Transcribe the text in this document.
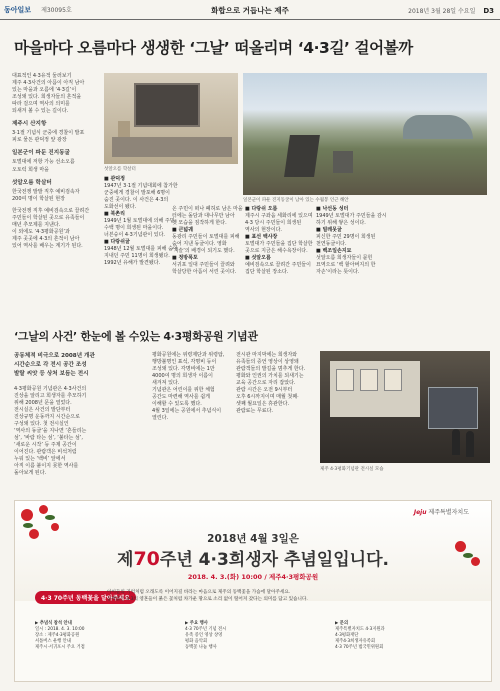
동아일보 제30095호	화합으로 거듭나는 제주	2018년 3월 28일 수요일 D3
마을마다 오름마다 생생한 ‘그날’ 떠올리며 ‘4·3길’ 걸어볼까
대표적인 4·3유적 둘러보기
제주 4·3사건의 아픔이 아직 남아
있는 마을과 오름에 ‘4·3길’이
조성돼 있다. 희생자들의 흔적을
따라 걸으며 역사의 의미를
되새겨 볼 수 있는 길이다.
제주시 산지항
3·1절 기념식 군중에 경찰이 발포
피로 물든 관덕정 앞 광장
일본군이 파둔 진지동굴
토벌대에 저항 가능 선소오름
오토럭 희생 마을
섯알오름 학살터
한국전쟁 발발 직후 예비검속자
200여 명이 학살된 현장
한국전쟁 직후 예비검속으로 끌려간
주민들이 학살된 곳으로 유족들이
매년 추모제를 지낸다.
이 외에도 ‘4·3평화공원’과
제주 곳곳에 4·3의 흔적이 남아
있어 역사를 배우는 계기가 된다.
섯알오름 학살터
일본군이 파둔 진지동굴이 남아 있는 수월봉 인근 해안
■ 관덕정
1947년 3·1절 기념대회에 참가한
군중에게 경찰이 발포해 6명이
숨진 곳이다. 이 사건은 4·3의
도화선이 됐다.
■ 북촌리
1949년 1월 토벌대에 의해 주민
수백 명이 희생된 마을이다.
너븐숭이 4·3기념관이 있다.
■ 다랑쉬굴
1948년 12월 토벌대를 피해 숨어
지내던 주민 11명이 희생됐다.
1992년 유해가 발견됐다.
온 주민이 떠나 폐허로 남은 마을
터에는 돌담과 대나무만 남아
옛 모습을 짐작하게 한다.
■ 큰넓궤
동광리 주민들이 토벌대를 피해
숨어 지낸 동굴이다. 영화
‘지슬’의 배경이 되기도 했다.
■ 정방폭포
서귀포 일대 주민들이 끌려와
학살당한 아픔이 서린 곳이다.
■ 다랑쉬 오름
제주시 구좌읍 세화리에 있으며
4·3 당시 주민들이 희생된
역사의 현장이다.
■ 표선 백사장
토벌대가 주민들을 집단 학살한
곳으로 지금은 해수욕장이다.
■ 섯알오름
예비검속으로 끌려간 주민들이
집단 학살된 장소다.
■ 낙선동 성터
1949년 토벌대가 주민들을 감시
하기 위해 쌓은 성이다.
■ 빌레못굴
피신한 주민 29명이 희생된
천연동굴이다.
■ 백조일손지묘
섯알오름 희생자들이 묻힌
묘역으로 ‘백 할아버지의 한
자손’이라는 뜻이다.
‘그날의 사건’ 한눈에 볼 수있는 4·3평화공원 기념관
공동체적 비극으로 2008년 개관
시간순으로 각 전시 공간 조성
발랄 씨앗 등 상처 보듬는 전시
4·3평화공원 기념관은 4·3사건의
진상을 알리고 희생자를 추모하기
위해 2008년 문을 열었다.
전시실은 사건의 발단부터
진상규명 운동까지 시간순으로
구성돼 있다. 첫 전시실인
‘역사의 동굴’을 지나면 ‘흔들리는
섬’, ‘바람 타는 섬’, ‘불타는 섬’,
‘새로운 시작’ 등 주제 공간이
이어진다. 관람객은 비석처럼
누워 있는 ‘백비’ 앞에서
아직 이름 붙이지 못한 역사를
돌아보게 된다.
평화공원에는 위령제단과 위령탑,
행방불명인 표석, 각명비 등이
조성돼 있다. 각명비에는 1만
4000여 명의 희생자 이름이
새겨져 있다.
기념관은 어린이를 위한 체험
공간도 마련해 역사를 쉽게
이해할 수 있도록 했다.
4월 3일에는 공원에서 추념식이
열린다.
전시관 마지막에는 희생자와
유족들의 증언 영상이 상영돼
관람객들의 발길을 멈추게 한다.
평화와 인권의 가치를 되새기는
교육 공간으로 자리 잡았다.
관람 시간은 오전 9시부터
오후 6시까지이며 매월 첫째·
셋째 월요일은 휴관한다.
관람료는 무료다.
제주 4·3평화기념관 전시실 모습
Jeju 제주특별자치도
2018년 4월 3일은
제70주년 4·3희생자 추념일입니다.
2018. 4. 3.(화) 10:00 / 제주4·3평화공원
4·3 70주년 동백꽃을 달아주세요
아이들의 기억처럼 오래도록 이어지길 바라는 마음으로 제주의 동백꽃을 가슴에 달아주세요.
동백꽃은 4·3의 영혼들이 붉은 꽃처럼 차가운 땅으로 소리 없이 떨어져 갔다는 의미를 담고 있습니다.
▶ 추념식 참석 안내
일시 : 2018. 4. 3. 10:00
장소 : 제주4·3평화공원
셔틀버스 운행 안내
제주시·서귀포시 주요 거점
▶ 주요 행사
4·3 70주년 기념 전시
유족 증언 영상 상영
평화 음악회
동백꽃 나눔 행사
▶ 문의
제주특별자치도 4·3지원과
4·3평화재단
제주4·3희생자유족회
4·3 70주년 범국민위원회
